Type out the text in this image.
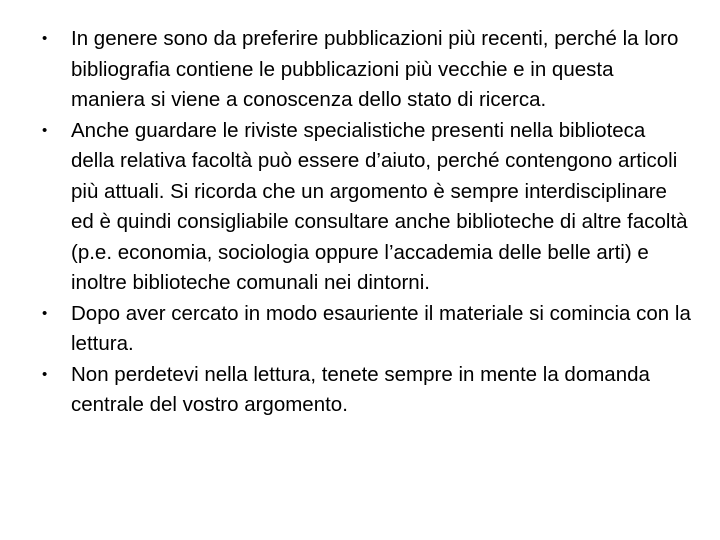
•	In genere sono da preferire pubblicazioni più recenti, perché la loro bibliografia contiene le pubblicazioni più vecchie e in questa maniera si viene a conoscenza dello stato di ricerca.
•	Anche guardare le riviste specialistiche presenti nella biblioteca della relativa facoltà può essere d’aiuto, perché contengono articoli più attuali. Si ricorda che un argomento è sempre interdisciplinare ed è quindi consigliabile consultare anche biblioteche di altre facoltà (p.e. economia, sociologia oppure l’accademia delle belle arti) e inoltre biblioteche comunali nei dintorni.
•	Dopo aver cercato in modo esauriente il materiale si comincia con la lettura.
•	Non perdetevi nella lettura, tenete sempre in mente la domanda centrale del vostro argomento.
